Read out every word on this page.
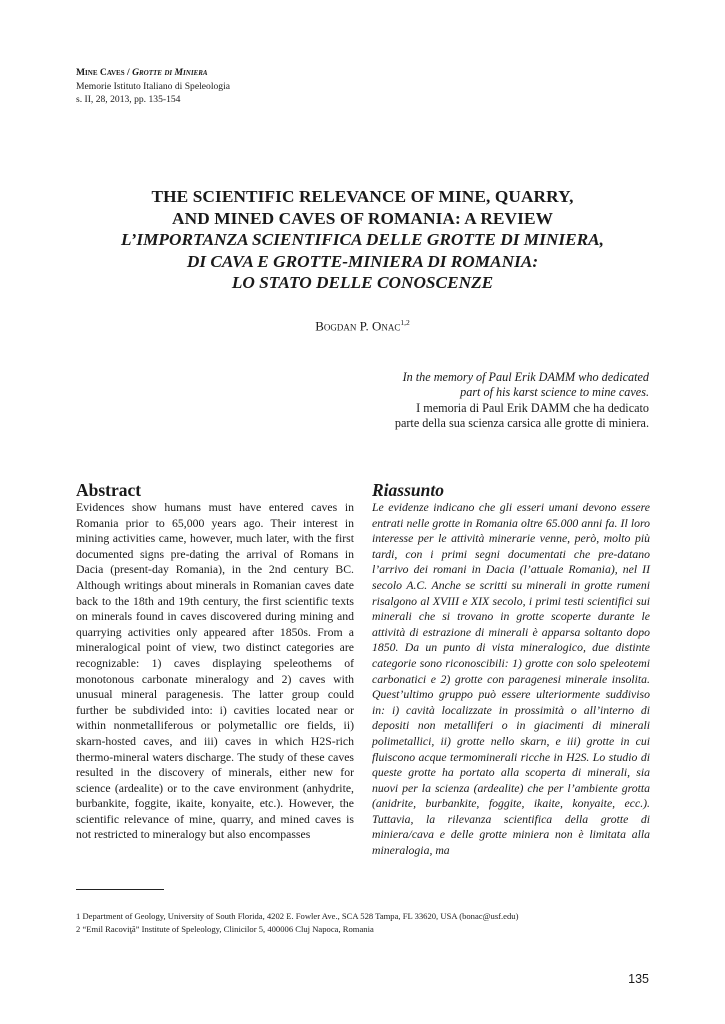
Mine Caves / Grotte di Miniera
Memorie Istituto Italiano di Speleologia
s. II, 28, 2013, pp. 135-154
THE SCIENTIFIC RELEVANCE OF MINE, QUARRY,
AND MINED CAVES OF ROMANIA: A REVIEW
L’IMPORTANZA SCIENTIFICA DELLE GROTTE DI MINIERA,
DI CAVA E GROTTE-MINIERA DI ROMANIA:
LO STATO DELLE CONOSCENZE
Bogdan P. Onac$^{1,2}$
In the memory of Paul Erik DAMM who dedicated
part of his karst science to mine caves.
I memoria di Paul Erik DAMM che ha dedicato
parte della sua scienza carsica alle grotte di miniera.
Abstract

Evidences show humans must have entered caves in Romania prior to 65,000 years ago. Their interest in mining activities came, however, much later, with the first documented signs pre-dating the arrival of Romans in Dacia (present-day Romania), in the 2nd century BC. Although writings about minerals in Romanian caves date back to the 18th and 19th century, the first scientific texts on minerals found in caves discovered during mining and quarrying activities only appeared after 1850s. From a mineralogical point of view, two distinct categories are recognizable: 1) caves displaying speleothems of monotonous carbonate mineralogy and 2) caves with unusual mineral paragenesis. The latter group could further be subdivided into: i) cavities located near or within nonmetalliferous or polymetallic ore fields, ii) skarn-hosted caves, and iii) caves in which H2S-rich thermo-mineral waters discharge. The study of these caves resulted in the discovery of minerals, either new for science (ardealite) or to the cave environment (anhydrite, burbankite, foggite, ikaite, konyaite, etc.). However, the scientific relevance of mine, quarry, and mined caves is not restricted to mineralogy but also encompasses

Riassunto

Le evidenze indicano che gli esseri umani devono essere entrati nelle grotte in Romania oltre 65.000 anni fa. Il loro interesse per le attività minerarie venne, però, molto più tardi, con i primi segni documentati che pre-datano l’arrivo dei romani in Dacia (l’attuale Romania), nel II secolo A.C. Anche se scritti su minerali in grotte rumeni risalgono al XVIII e XIX secolo, i primi testi scientifici sui minerali che si trovano in grotte scoperte durante le attività di estrazione di minerali è apparsa soltanto dopo 1850. Da un punto di vista mineralogico, due distinte categorie sono riconoscibili: 1) grotte con solo speleotemi carbonatici e 2) grotte con paragenesi minerale insolita. Quest’ultimo gruppo può essere ulteriormente suddiviso in: i) cavità localizzate in prossimità o all’interno di depositi non metalliferi o in giacimenti di minerali polimetallici, ii) grotte nello skarn, e iii) grotte in cui fluiscono acque termominerali ricche in H2S. Lo studio di queste grotte ha portato alla scoperta di minerali, sia nuovi per la scienza (ardealite) che per l’ambiente grotta (anidrite, burbankite, foggite, ikaite, konyaite, ecc.). Tuttavia, la rilevanza scientifica della grotte di miniera/cava e delle grotte miniera non è limitata alla mineralogia, ma

1 Department of Geology, University of South Florida, 4202 E. Fowler Ave., SCA 528 Tampa, FL 33620, USA (bonac@usf.edu)
2 “Emil Racoviţă” Institute of Speleology, Clinicilor 5, 400006 Cluj Napoca, Romania
135
